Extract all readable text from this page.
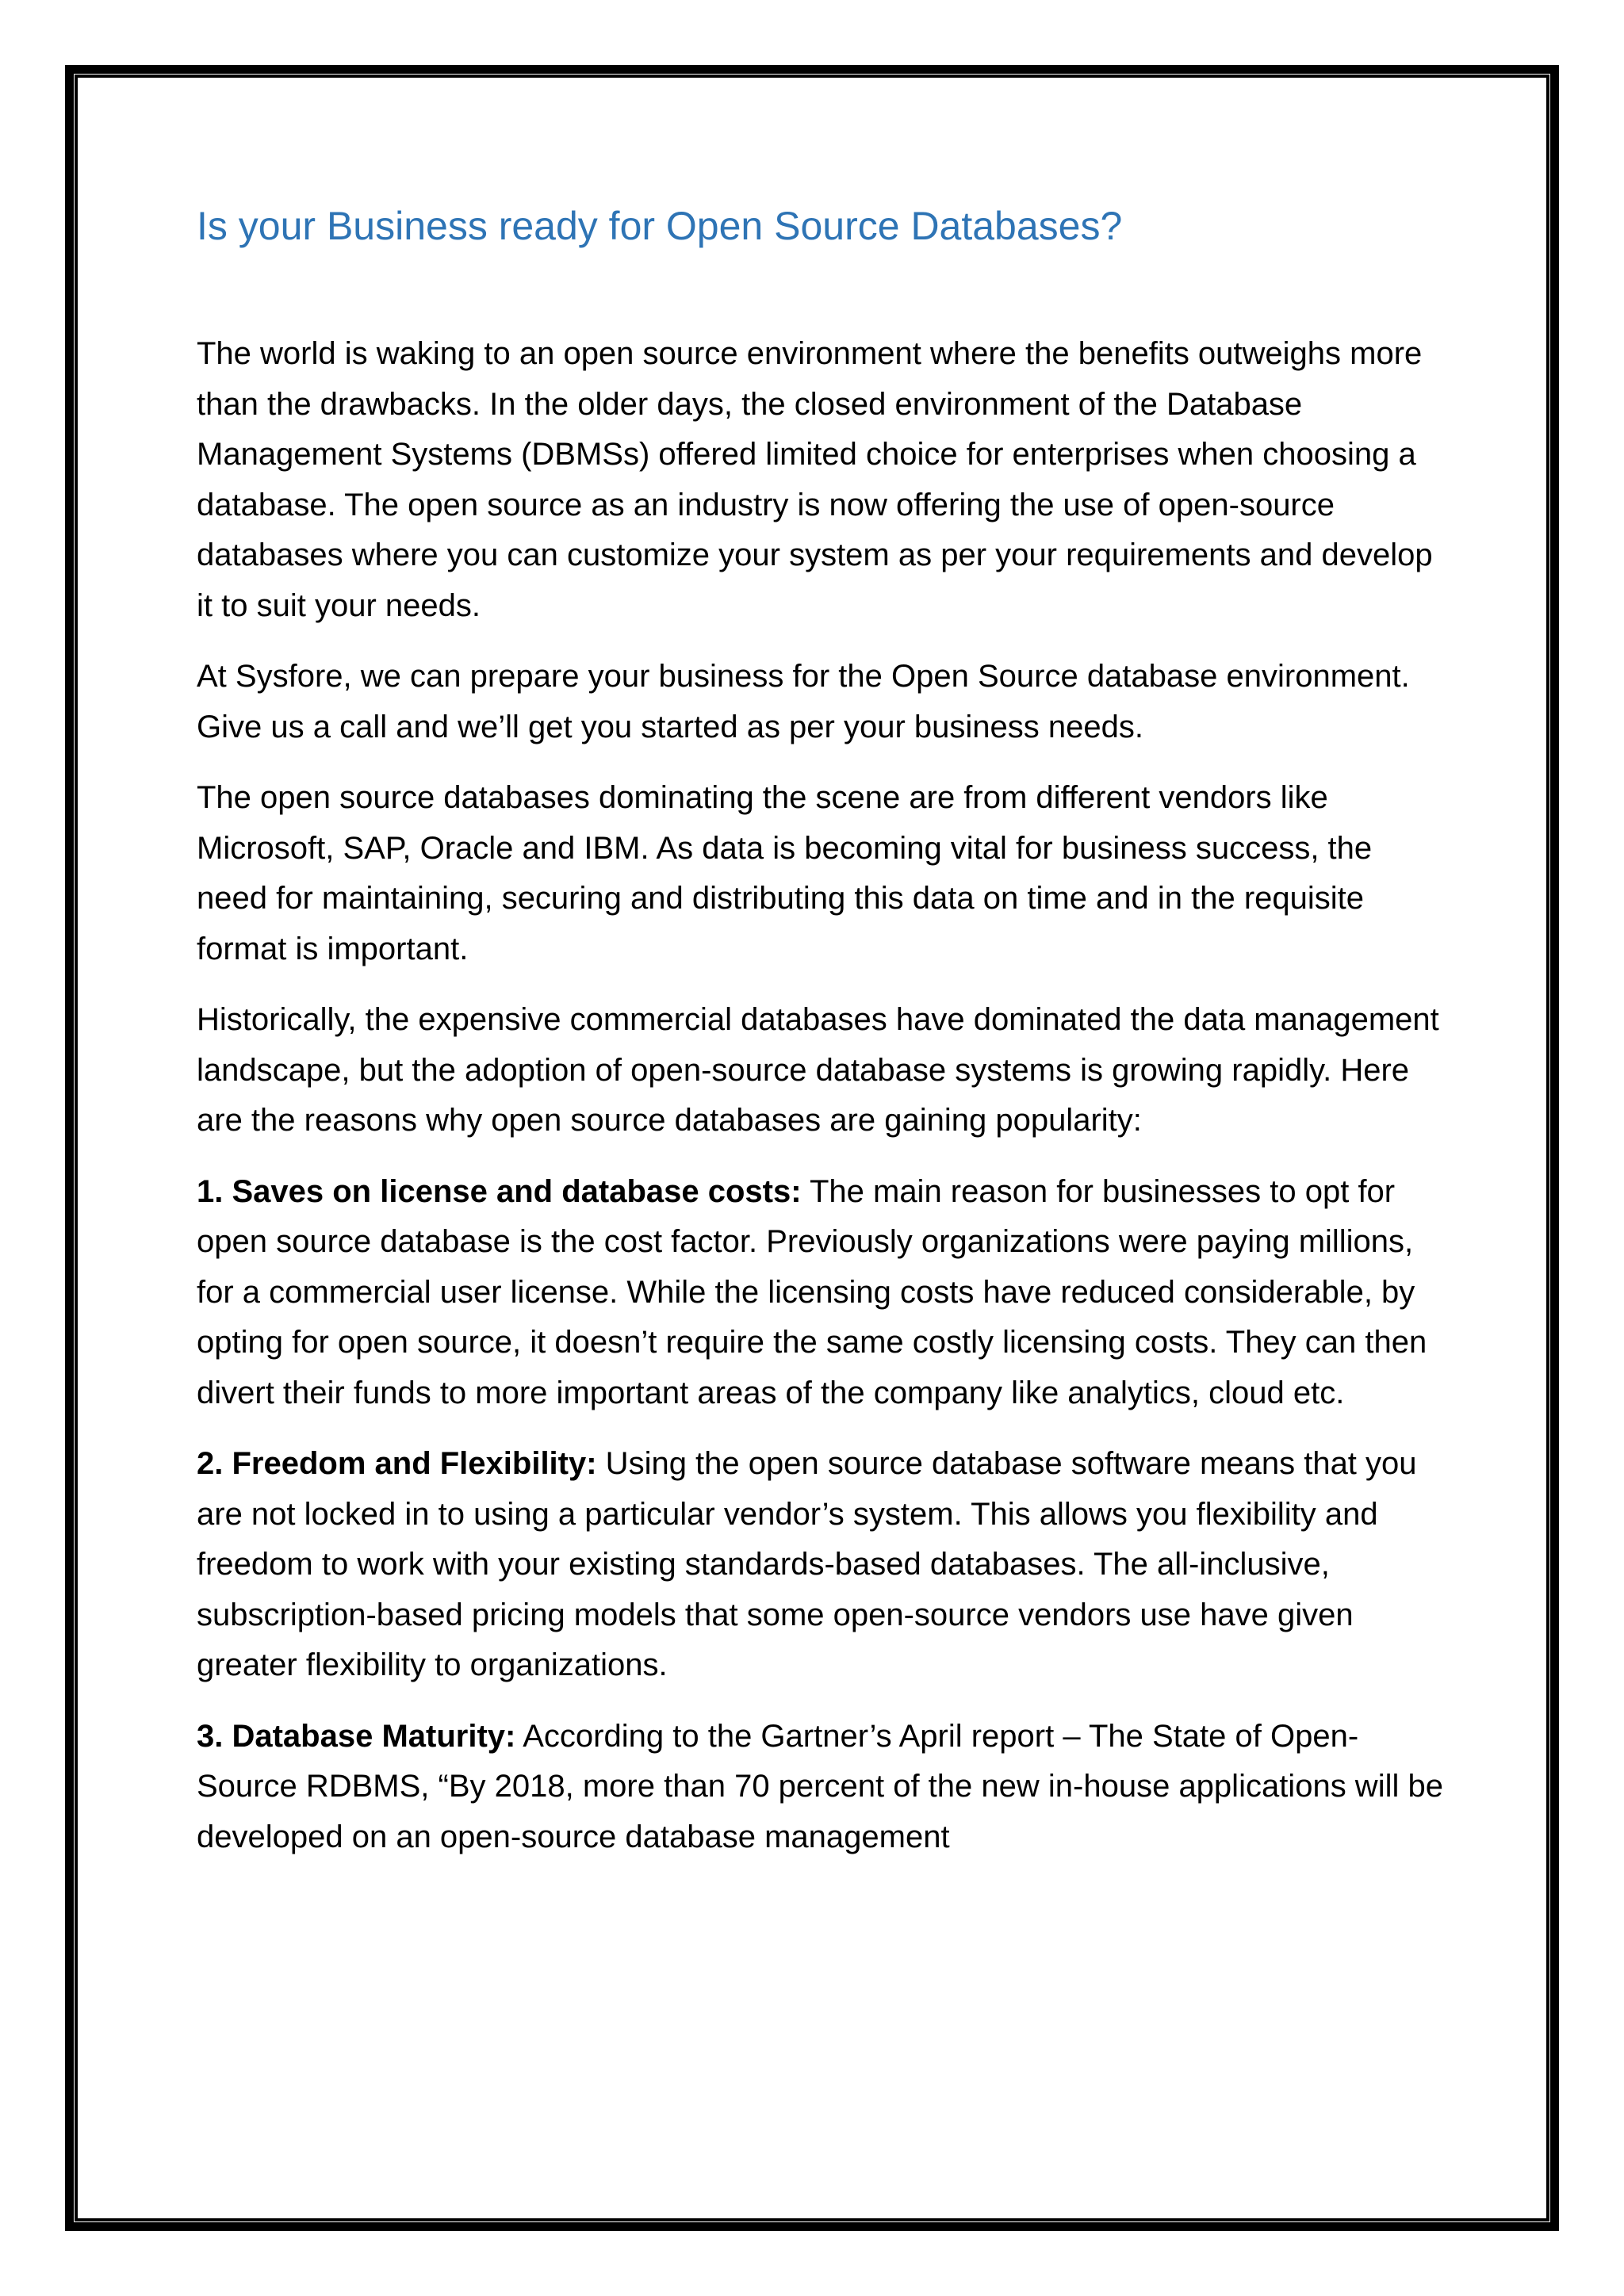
Is your Business ready for Open Source Databases?

The world is waking to an open source environment where the benefits outweighs more than the drawbacks. In the older days, the closed environment of the Database Management Systems (DBMSs) offered limited choice for enterprises when choosing a database. The open source as an industry is now offering the use of open-source databases where you can customize your system as per your requirements and develop it to suit your needs.

At Sysfore, we can prepare your business for the Open Source database environment. Give us a call and we’ll get you started as per your business needs.

The open source databases dominating the scene are from different vendors like Microsoft, SAP, Oracle and IBM. As data is becoming vital for business success, the need for maintaining, securing and distributing this data on time and in the requisite format is important.

Historically, the expensive commercial databases have dominated the data management landscape, but the adoption of open-source database systems is growing rapidly. Here are the reasons why open source databases are gaining popularity:

1. Saves on license and database costs: The main reason for businesses to opt for open source database is the cost factor. Previously organizations were paying millions, for a commercial user license. While the licensing costs have reduced considerable, by opting for open source, it doesn’t require the same costly licensing costs. They can then divert their funds to more important areas of the company like analytics, cloud etc.

2. Freedom and Flexibility: Using the open source database software means that you are not locked in to using a particular vendor’s system. This allows you flexibility and freedom to work with your existing standards-based databases. The all-inclusive, subscription-based pricing models that some open-source vendors use have given greater flexibility to organizations.

3. Database Maturity: According to the Gartner’s April report – The State of Open-Source RDBMS, “By 2018, more than 70 percent of the new in-house applications will be developed on an open-source database management
